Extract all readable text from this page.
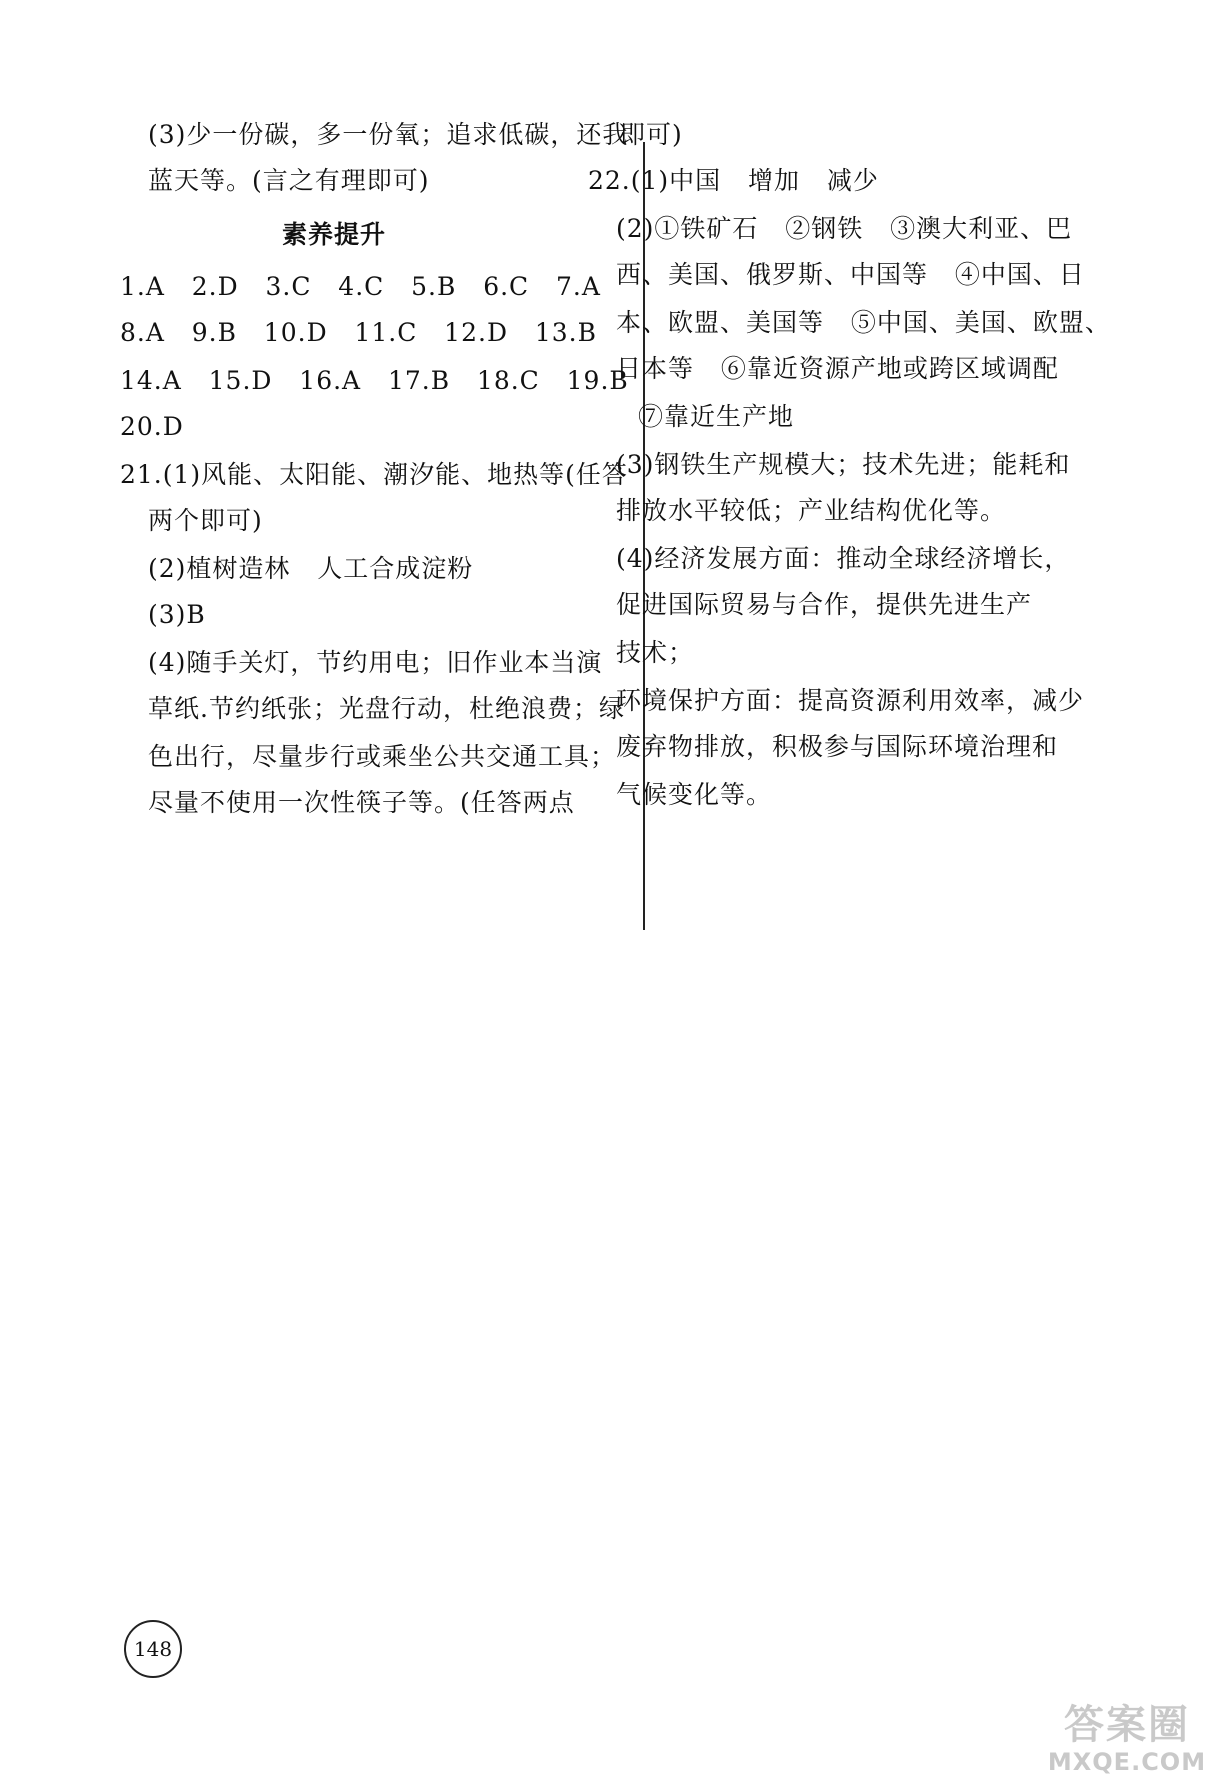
(3)少一份碳，多一份氧；追求低碳，还我
蓝天等。(言之有理即可)
素养提升
1.A   2.D   3.C   4.C   5.B   6.C   7.A
8.A   9.B   10.D   11.C   12.D   13.B
14.A   15.D   16.A   17.B   18.C   19.B
20.D
21.(1)风能、太阳能、潮汐能、地热等(任答
两个即可)
(2)植树造林   人工合成淀粉
(3)B
(4)随手关灯，节约用电；旧作业本当演
草纸.节约纸张；光盘行动，杜绝浪费；绿
色出行，尽量步行或乘坐公共交通工具；
尽量不使用一次性筷子等。(任答两点
即可)
22.(1)中国   增加   减少
(2)①铁矿石   ②钢铁   ③澳大利亚、巴
西、美国、俄罗斯、中国等   ④中国、日
本、欧盟、美国等   ⑤中国、美国、欧盟、
日本等   ⑥靠近资源产地或跨区域调配
⑦靠近生产地
(3)钢铁生产规模大；技术先进；能耗和
排放水平较低；产业结构优化等。
(4)经济发展方面：推动全球经济增长，
促进国际贸易与合作，提供先进生产
技术；
环境保护方面：提高资源利用效率，减少
废弃物排放，积极参与国际环境治理和
气候变化等。
148
答案圈
MXQE.COM
